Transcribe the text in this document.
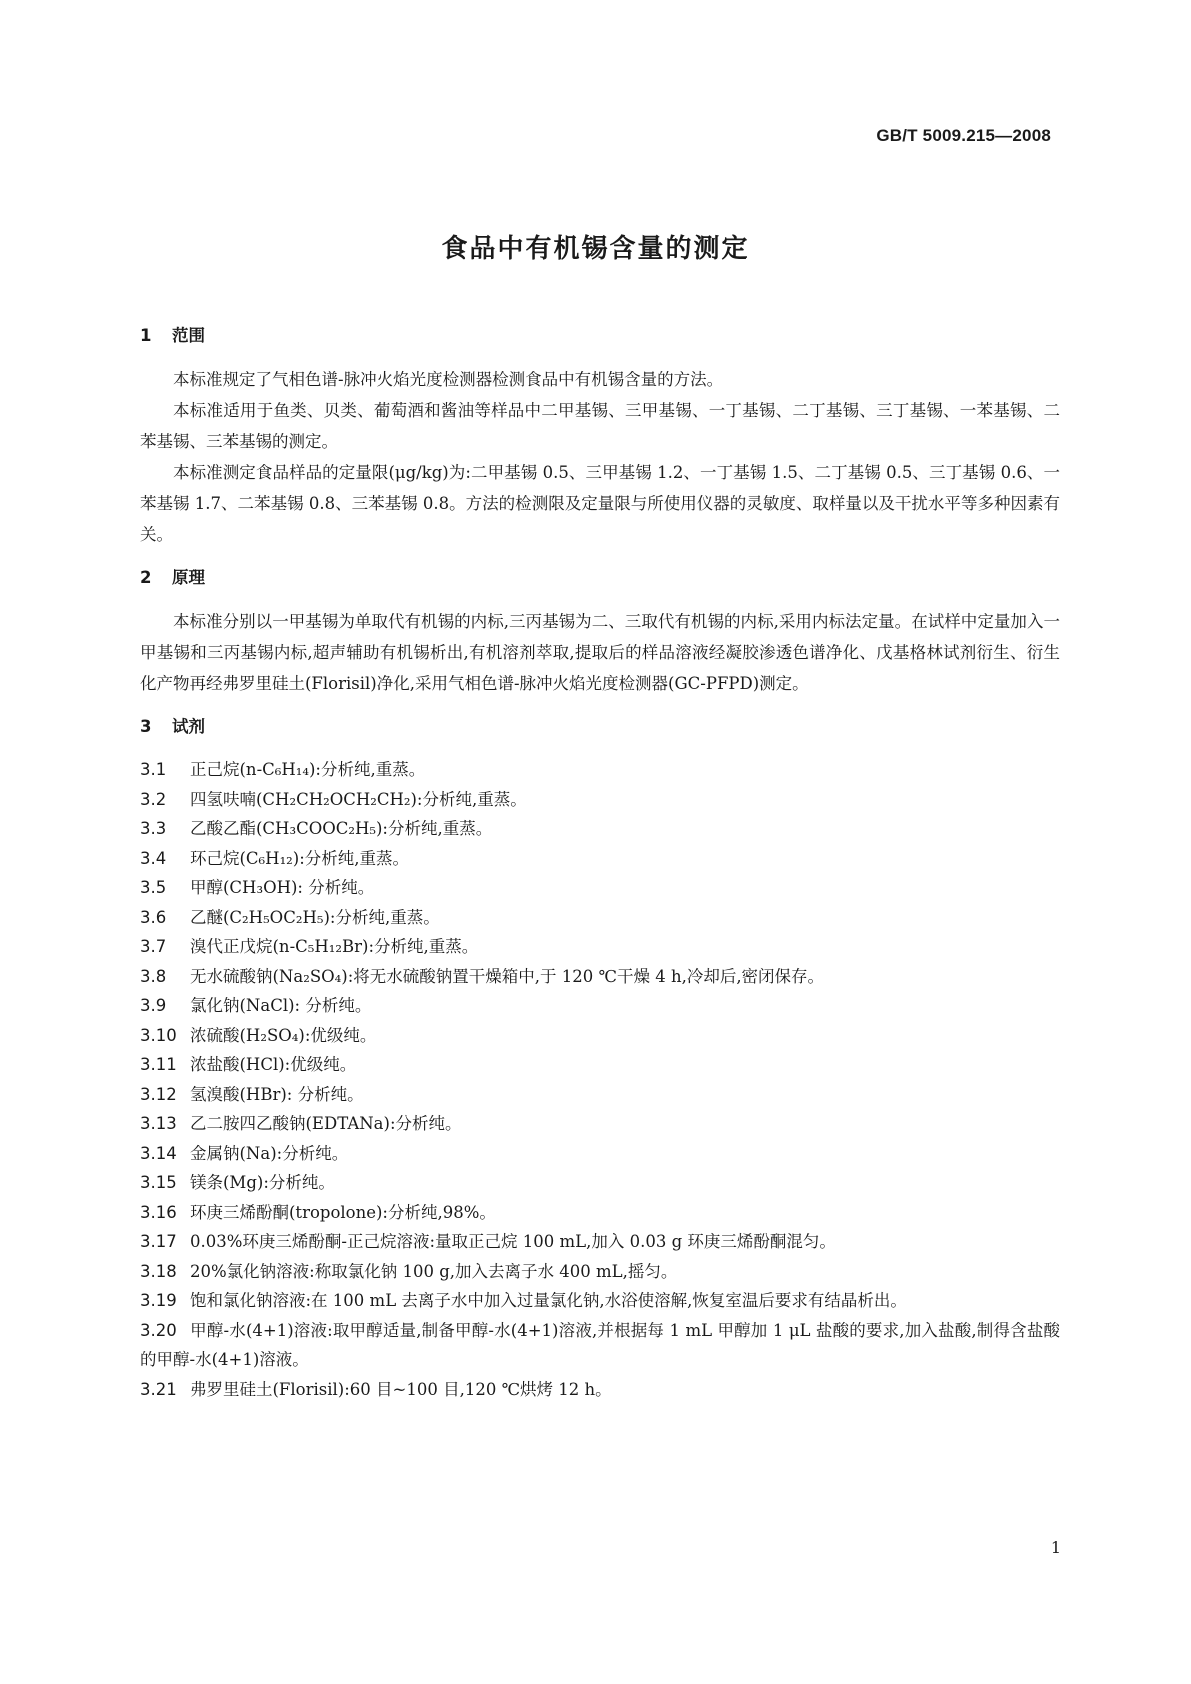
GB/T 5009.215—2008
食品中有机锡含量的测定
1 范围

本标准规定了气相色谱-脉冲火焰光度检测器检测食品中有机锡含量的方法。

本标准适用于鱼类、贝类、葡萄酒和酱油等样品中二甲基锡、三甲基锡、一丁基锡、二丁基锡、三丁基锡、一苯基锡、二苯基锡、三苯基锡的测定。

本标准测定食品样品的定量限(μg/kg)为:二甲基锡 0.5、三甲基锡 1.2、一丁基锡 1.5、二丁基锡 0.5、三丁基锡 0.6、一苯基锡 1.7、二苯基锡 0.8、三苯基锡 0.8。方法的检测限及定量限与所使用仪器的灵敏度、取样量以及干扰水平等多种因素有关。

2 原理

本标准分别以一甲基锡为单取代有机锡的内标,三丙基锡为二、三取代有机锡的内标,采用内标法定量。在试样中定量加入一甲基锡和三丙基锡内标,超声辅助有机锡析出,有机溶剂萃取,提取后的样品溶液经凝胶渗透色谱净化、戊基格林试剂衍生、衍生化产物再经弗罗里硅土(Florisil)净化,采用气相色谱-脉冲火焰光度检测器(GC-PFPD)测定。

3 试剂

3.1 正己烷(n-C₆H₁₄):分析纯,重蒸。

3.2 四氢呋喃(CH₂CH₂OCH₂CH₂):分析纯,重蒸。

3.3 乙酸乙酯(CH₃COOC₂H₅):分析纯,重蒸。

3.4 环己烷(C₆H₁₂):分析纯,重蒸。

3.5 甲醇(CH₃OH): 分析纯。

3.6 乙醚(C₂H₅OC₂H₅):分析纯,重蒸。

3.7 溴代正戊烷(n-C₅H₁₂Br):分析纯,重蒸。

3.8 无水硫酸钠(Na₂SO₄):将无水硫酸钠置干燥箱中,于 120 ℃干燥 4 h,冷却后,密闭保存。

3.9 氯化钠(NaCl): 分析纯。

3.10 浓硫酸(H₂SO₄):优级纯。

3.11 浓盐酸(HCl):优级纯。

3.12 氢溴酸(HBr): 分析纯。

3.13 乙二胺四乙酸钠(EDTANa):分析纯。

3.14 金属钠(Na):分析纯。

3.15 镁条(Mg):分析纯。

3.16 环庚三烯酚酮(tropolone):分析纯,98%。

3.17 0.03%环庚三烯酚酮-正己烷溶液:量取正己烷 100 mL,加入 0.03 g 环庚三烯酚酮混匀。

3.18 20%氯化钠溶液:称取氯化钠 100 g,加入去离子水 400 mL,摇匀。

3.19 饱和氯化钠溶液:在 100 mL 去离子水中加入过量氯化钠,水浴使溶解,恢复室温后要求有结晶析出。

3.20 甲醇-水(4+1)溶液:取甲醇适量,制备甲醇-水(4+1)溶液,并根据每 1 mL 甲醇加 1 μL 盐酸的要求,加入盐酸,制得含盐酸的甲醇-水(4+1)溶液。

3.21 弗罗里硅土(Florisil):60 目~100 目,120 ℃烘烤 12 h。

1
